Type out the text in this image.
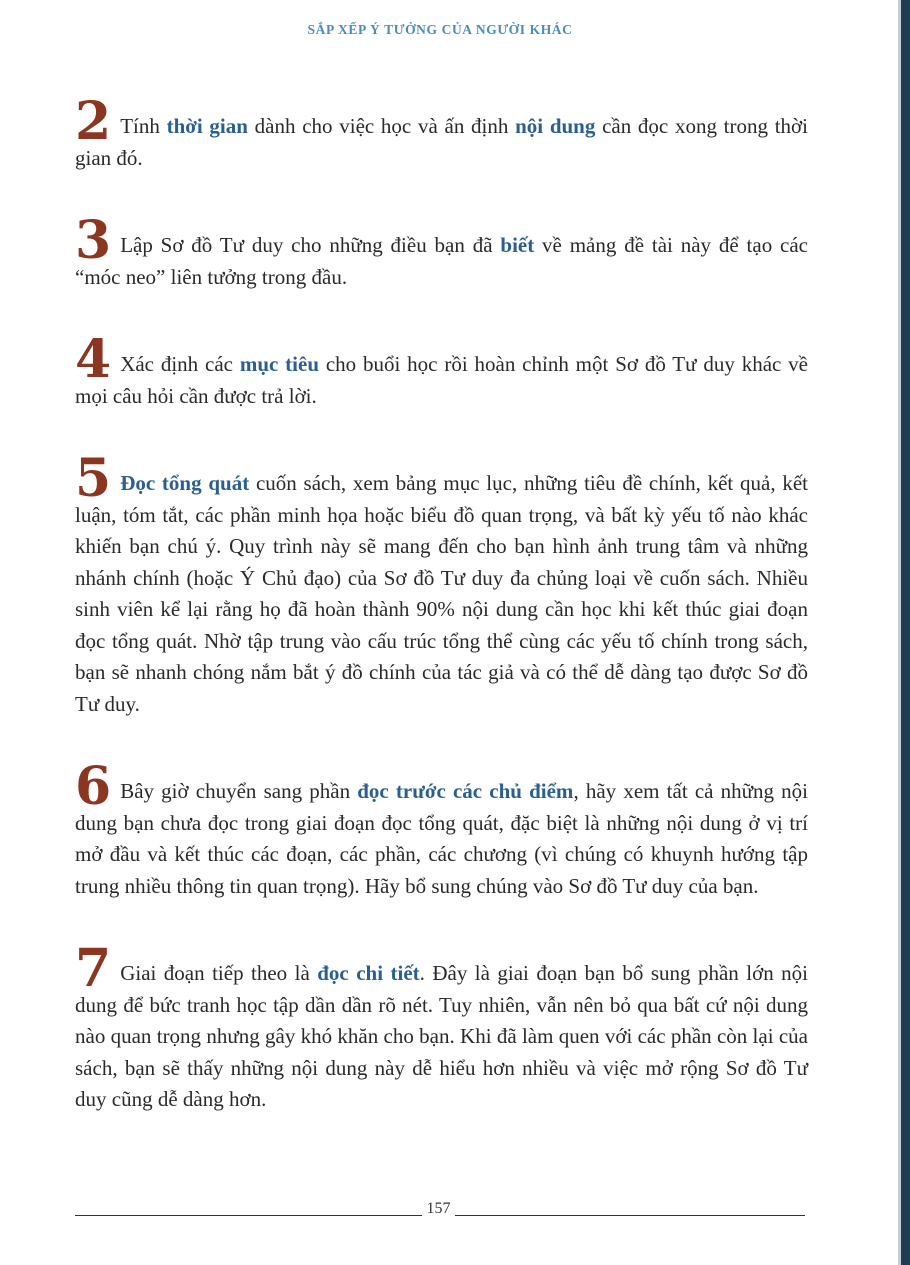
SẮP XẾP Ý TƯỞNG CỦA NGƯỜI KHÁC

2 Tính thời gian dành cho việc học và ấn định nội dung cần đọc xong trong thời gian đó.

3 Lập Sơ đồ Tư duy cho những điều bạn đã biết về mảng đề tài này để tạo các “móc neo” liên tưởng trong đầu.

4 Xác định các mục tiêu cho buổi học rồi hoàn chỉnh một Sơ đồ Tư duy khác về mọi câu hỏi cần được trả lời.

5 Đọc tổng quát cuốn sách, xem bảng mục lục, những tiêu đề chính, kết quả, kết luận, tóm tắt, các phần minh họa hoặc biểu đồ quan trọng, và bất kỳ yếu tố nào khác khiến bạn chú ý. Quy trình này sẽ mang đến cho bạn hình ảnh trung tâm và những nhánh chính (hoặc Ý Chủ đạo) của Sơ đồ Tư duy đa chủng loại về cuốn sách. Nhiều sinh viên kể lại rằng họ đã hoàn thành 90% nội dung cần học khi kết thúc giai đoạn đọc tổng quát. Nhờ tập trung vào cấu trúc tổng thể cùng các yếu tố chính trong sách, bạn sẽ nhanh chóng nắm bắt ý đồ chính của tác giả và có thể dễ dàng tạo được Sơ đồ Tư duy.

6 Bây giờ chuyển sang phần đọc trước các chủ điểm, hãy xem tất cả những nội dung bạn chưa đọc trong giai đoạn đọc tổng quát, đặc biệt là những nội dung ở vị trí mở đầu và kết thúc các đoạn, các phần, các chương (vì chúng có khuynh hướng tập trung nhiều thông tin quan trọng). Hãy bổ sung chúng vào Sơ đồ Tư duy của bạn.

7 Giai đoạn tiếp theo là đọc chi tiết. Đây là giai đoạn bạn bổ sung phần lớn nội dung để bức tranh học tập dần dần rõ nét. Tuy nhiên, vẫn nên bỏ qua bất cứ nội dung nào quan trọng nhưng gây khó khăn cho bạn. Khi đã làm quen với các phần còn lại của sách, bạn sẽ thấy những nội dung này dễ hiểu hơn nhiều và việc mở rộng Sơ đồ Tư duy cũng dễ dàng hơn.

157
